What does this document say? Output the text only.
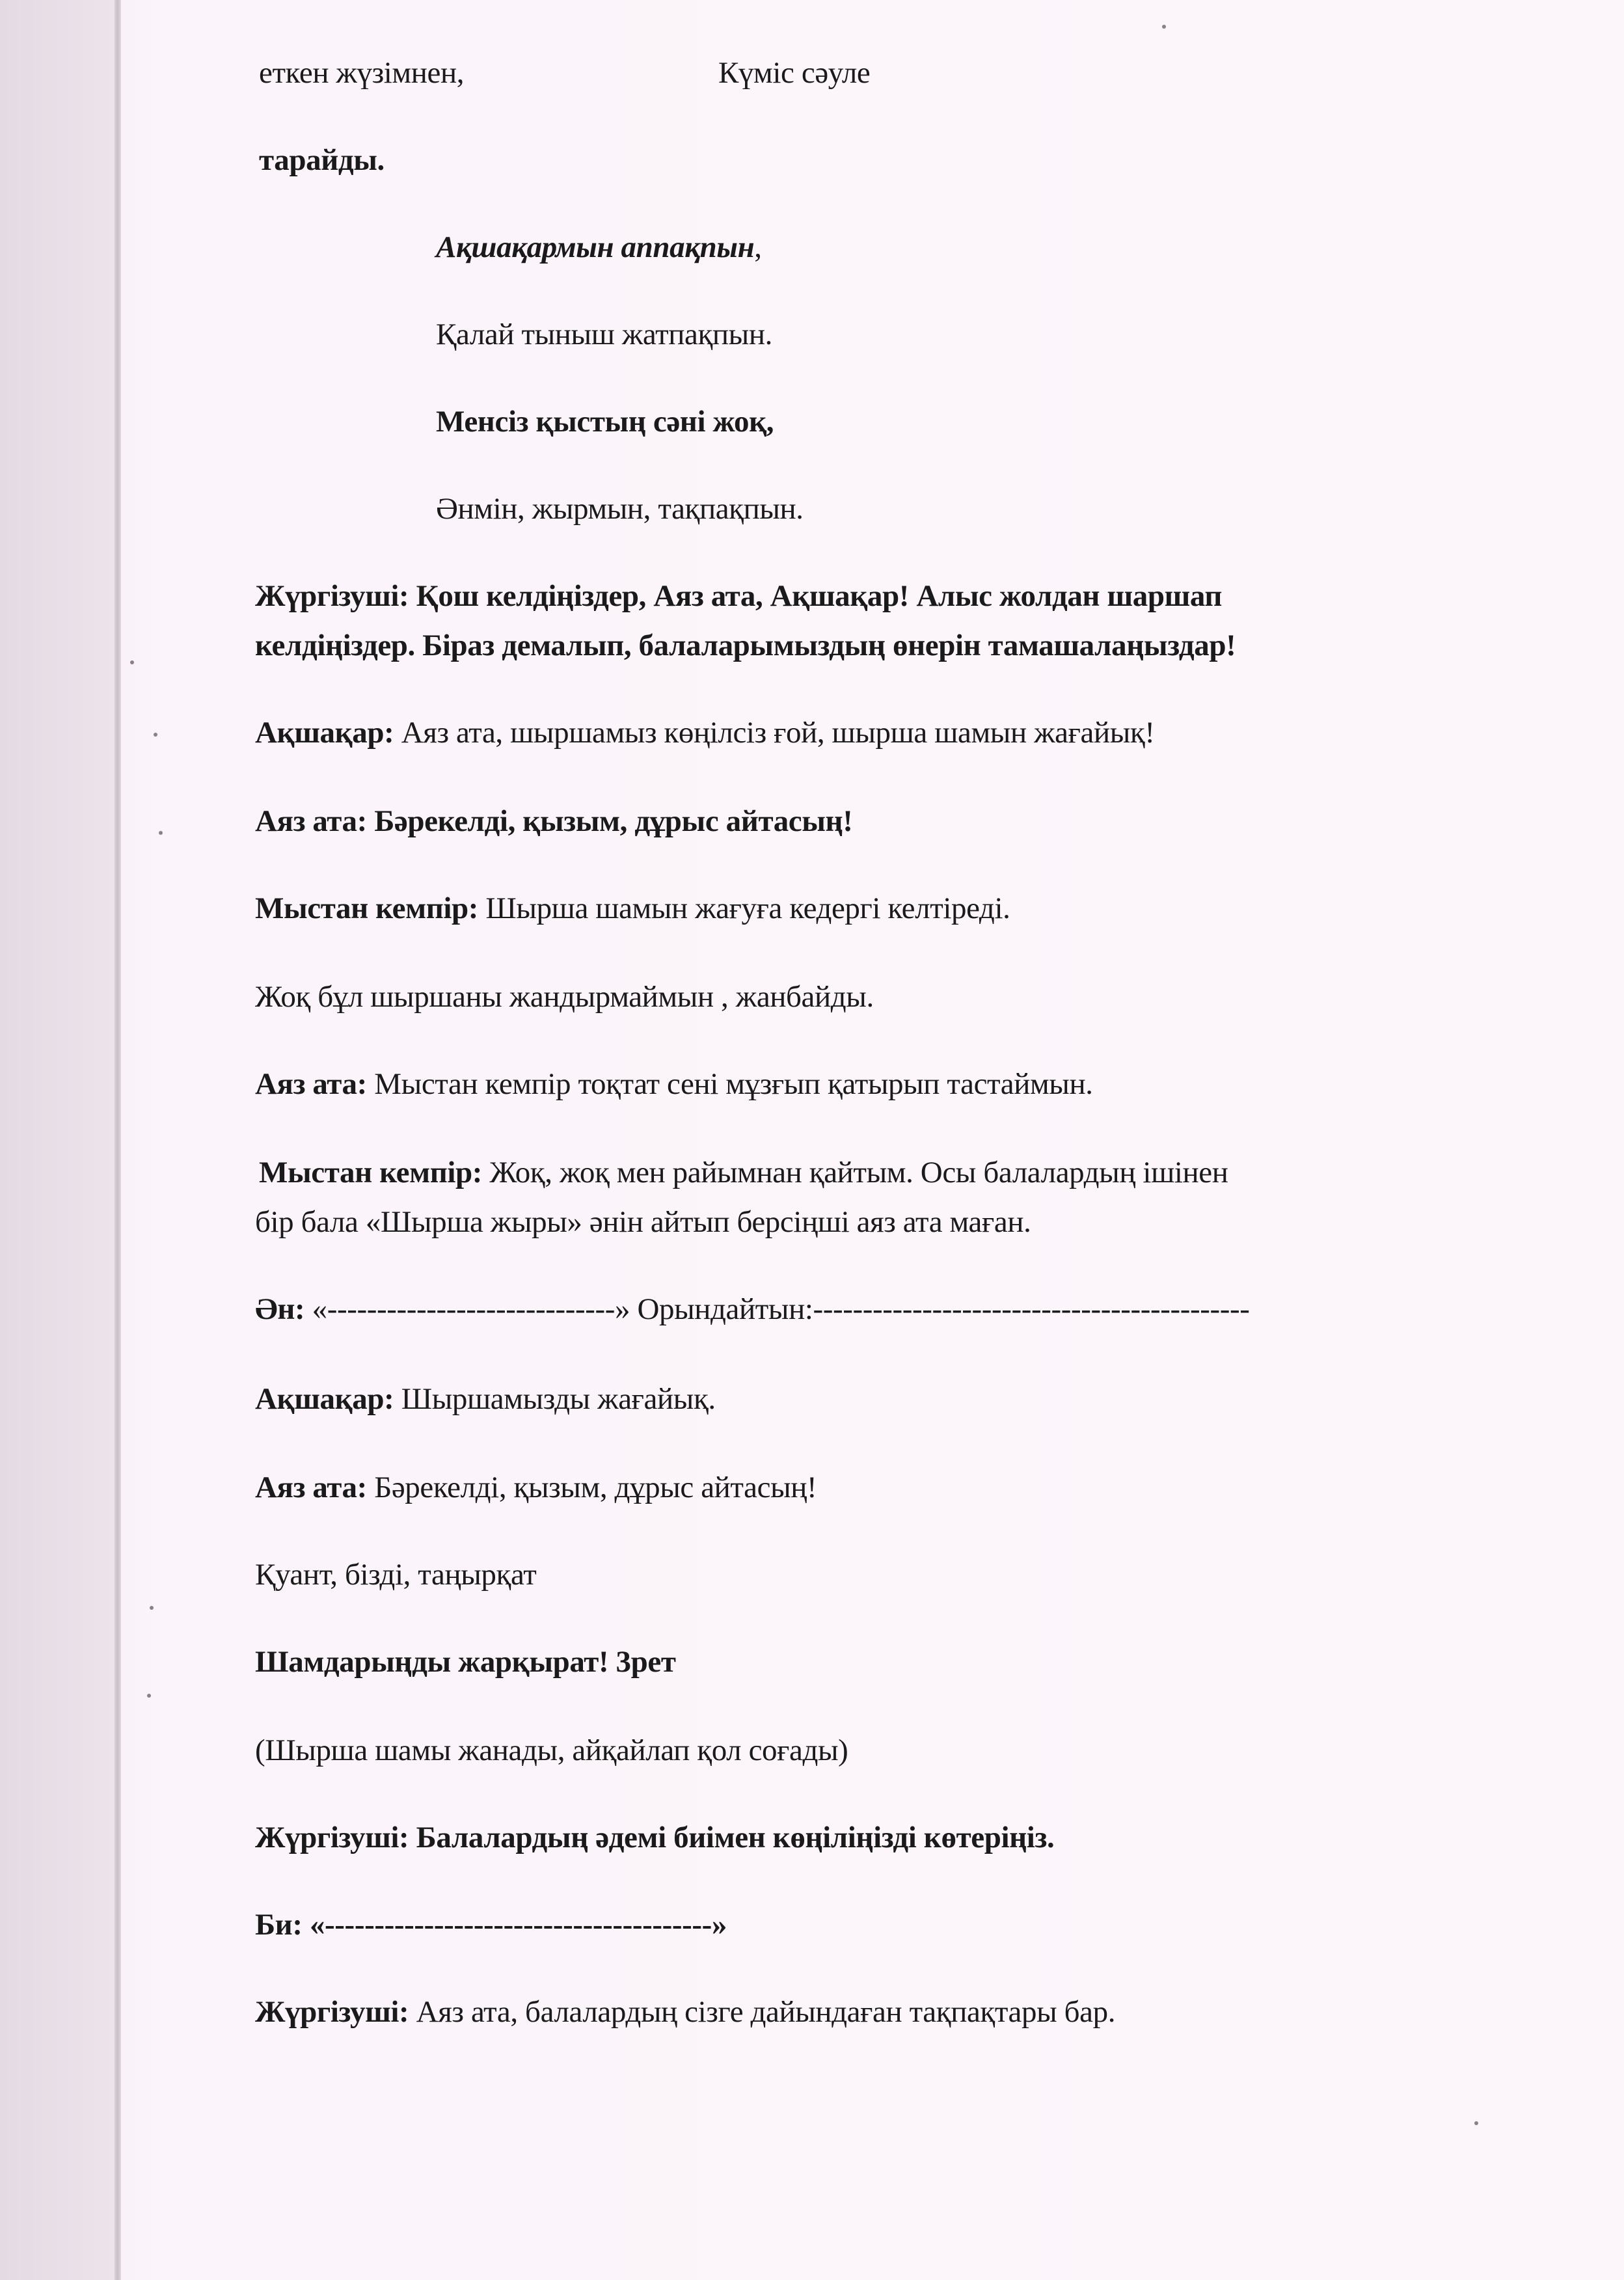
еткен жүзімнен,	Күміс сәуле

тарайды.

Ақшақармын аппақпын,

Қалай тыныш жатпақпын.

Менсіз қыстың сәні жоқ,

Әнмін, жырмын, тақпақпын.

Жүргізуші: Қош келдіңіздер, Аяз ата, Ақшақар! Алыс жолдан шаршап

келдіңіздер. Біраз демалып, балаларымыздың өнерін тамашалаңыздар!

Ақшақар: Аяз ата, шыршамыз көңілсіз ғой, шырша шамын жағайық!

Аяз ата: Бәрекелді, қызым, дұрыс айтасың!

Мыстан кемпір: Шырша шамын жағуға кедергі келтіреді.

Жоқ бұл шыршаны жандырмаймын , жанбайды.

Аяз ата: Мыстан кемпір тоқтат сені мұзғып қатырып тастаймын.

Мыстан кемпір: Жоқ, жоқ мен райымнан қайтым. Осы балалардың ішінен

бір бала «Шырша жыры» әнін айтып берсіңші аяз ата маған.

Ән: «-----------------------------» Орындайтын:--------------------------------------------

Ақшақар: Шыршамызды жағайық.

Аяз ата: Бәрекелді, қызым, дұрыс айтасың!

Қуант, бізді, таңырқат

Шамдарыңды жарқырат! 3рет

(Шырша шамы жанады, айқайлап қол соғады)

Жүргізуші: Балалардың әдемі биімен көңіліңізді көтеріңіз.

Би: «---------------------------------------»

Жүргізуші: Аяз ата, балалардың сізге дайындаған тақпақтары бар.
